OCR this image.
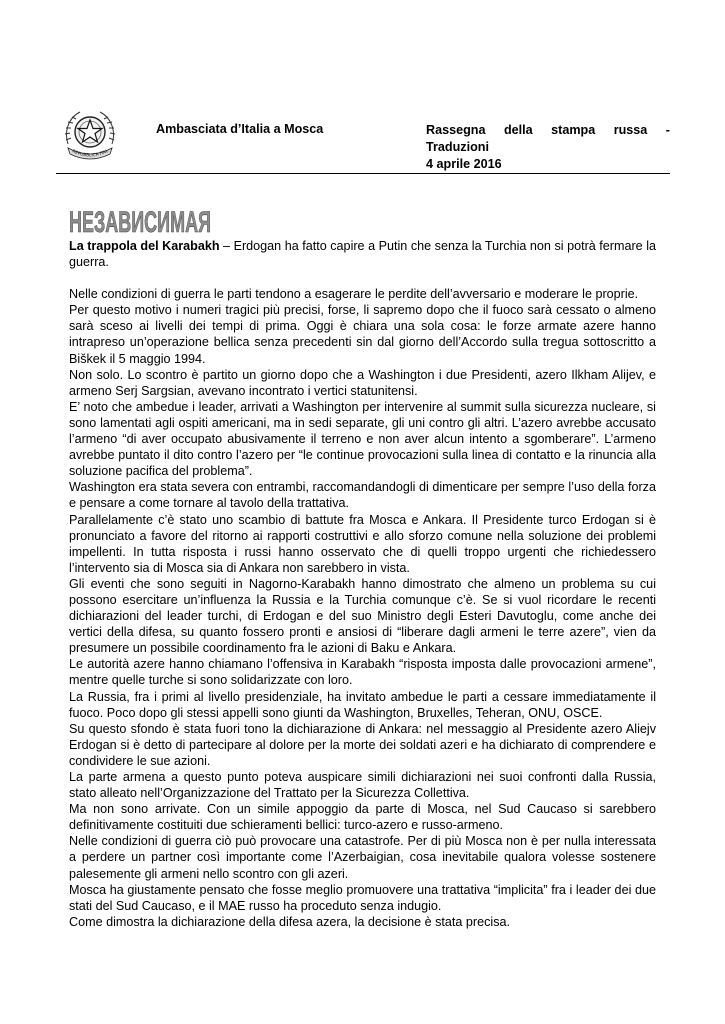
REPUBBLICA ITAL
Ambasciata d’Italia a Mosca	Rassegna della stampa russa -
Traduzioni
4 aprile 2016
НЕЗАВИСИМАЯ

La trappola del Karabakh – Erdogan ha fatto capire a Putin che senza la Turchia non si potrà fermare la guerra.

Nelle condizioni di guerra le parti tendono a esagerare le perdite dell’avversario e moderare le proprie.

Per questo motivo i numeri tragici più precisi, forse, li sapremo dopo che il fuoco sarà cessato o almeno sarà sceso ai livelli dei tempi di prima. Oggi è chiara una sola cosa: le forze armate azere hanno intrapreso un’operazione bellica senza precedenti sin dal giorno dell’Accordo sulla tregua sottoscritto a Biškek il 5 maggio 1994.

Non solo. Lo scontro è partito un giorno dopo che a Washington i due Presidenti, azero Ilkham Alijev, e armeno Serj Sargsian, avevano incontrato i vertici statunitensi.

E’ noto che ambedue i leader, arrivati a Washington per intervenire al summit sulla sicurezza nucleare, si sono lamentati agli ospiti americani, ma in sedi separate, gli uni contro gli altri. L’azero avrebbe accusato l’armeno “di aver occupato abusivamente il terreno e non aver alcun intento a sgomberare”. L’armeno avrebbe puntato il dito contro l’azero per “le continue provocazioni sulla linea di contatto e la rinuncia alla soluzione pacifica del problema”.

Washington era stata severa con entrambi, raccomandandogli di dimenticare per sempre l’uso della forza e pensare a come tornare al tavolo della trattativa.

Parallelamente c’è stato uno scambio di battute fra Mosca e Ankara. Il Presidente turco Erdogan si è pronunciato a favore del ritorno ai rapporti costruttivi e allo sforzo comune nella soluzione dei problemi impellenti. In tutta risposta i russi hanno osservato che di quelli troppo urgenti che richiedessero l’intervento sia di Mosca sia di Ankara non sarebbero in vista.

Gli eventi che sono seguiti in Nagorno-Karabakh hanno dimostrato che almeno un problema su cui possono esercitare un’influenza la Russia e la Turchia comunque c’è. Se si vuol ricordare le recenti dichiarazioni del leader turchi, di Erdogan e del suo Ministro degli Esteri Davutoglu, come anche dei vertici della difesa, su quanto fossero pronti e ansiosi di “liberare dagli armeni le terre azere”, vien da presumere un possibile coordinamento fra le azioni di Baku e Ankara.

Le autorità azere hanno chiamano l’offensiva in Karabakh “risposta imposta dalle provocazioni armene”, mentre quelle turche si sono solidarizzate con loro.

La Russia, fra i primi al livello presidenziale, ha invitato ambedue le parti a cessare immediatamente il fuoco. Poco dopo gli stessi appelli sono giunti da Washington, Bruxelles, Teheran, ONU, OSCE.

Su questo sfondo è stata fuori tono la dichiarazione di Ankara: nel messaggio al Presidente azero Aliejv Erdogan si è detto di partecipare al dolore per la morte dei soldati azeri e ha dichiarato di comprendere e condividere le sue azioni.

La parte armena a questo punto poteva auspicare simili dichiarazioni nei suoi confronti dalla Russia, stato alleato nell’Organizzazione del Trattato per la Sicurezza Collettiva.

Ma non sono arrivate. Con un simile appoggio da parte di Mosca, nel Sud Caucaso si sarebbero definitivamente costituiti due schieramenti bellici: turco-azero e russo-armeno.

Nelle condizioni di guerra ciò può provocare una catastrofe. Per di più Mosca non è per nulla interessata a perdere un partner così importante come l’Azerbaigian, cosa inevitabile qualora volesse sostenere palesemente gli armeni nello scontro con gli azeri.

Mosca ha giustamente pensato che fosse meglio promuovere una trattativa “implicita” fra i leader dei due stati del Sud Caucaso, e il MAE russo ha proceduto senza indugio.

Come dimostra la dichiarazione della difesa azera, la decisione è stata precisa.
